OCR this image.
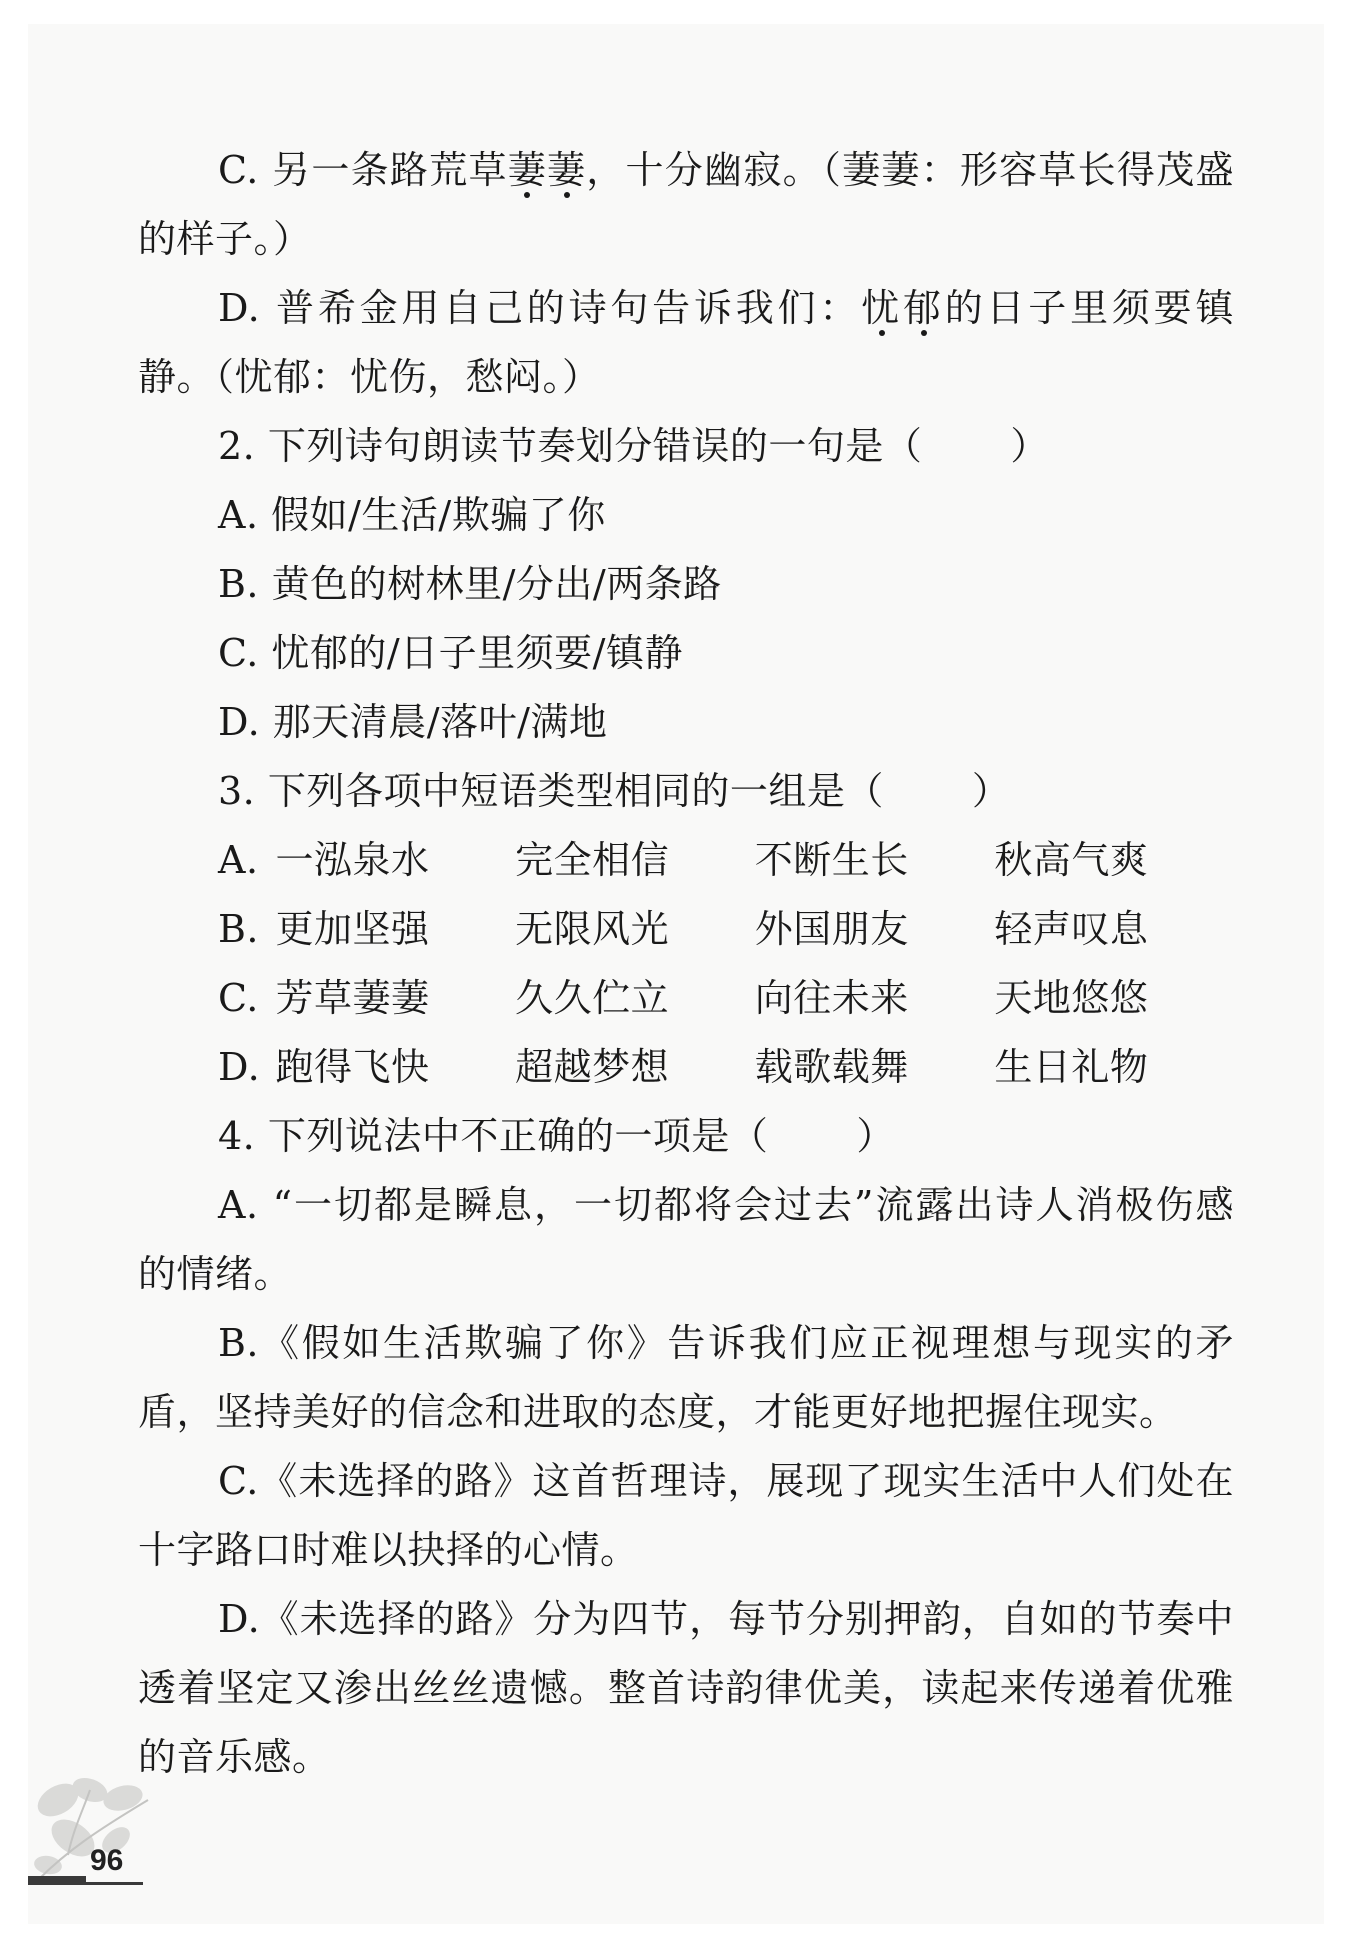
C. 另一条路荒草萋萋，十分幽寂。（萋萋：形容草长得茂盛的样子。）

D. 普希金用自己的诗句告诉我们：忧郁的日子里须要镇静。（忧郁：忧伤，愁闷。）

2. 下列诗句朗读节奏划分错误的一句是（ ）

A. 假如/生活/欺骗了你

B. 黄色的树林里/分出/两条路

C. 忧郁的/日子里须要/镇静

D. 那天清晨/落叶/满地

3. 下列各项中短语类型相同的一组是（ ）

A. 一泓泉水	完全相信	不断生长	秋高气爽
B. 更加坚强	无限风光	外国朋友	轻声叹息
C. 芳草萋萋	久久伫立	向往未来	天地悠悠
D. 跑得飞快	超越梦想	载歌载舞	生日礼物

4. 下列说法中不正确的一项是（ ）

A. “一切都是瞬息，一切都将会过去”流露出诗人消极伤感的情绪。

B.《假如生活欺骗了你》告诉我们应正视理想与现实的矛盾，坚持美好的信念和进取的态度，才能更好地把握住现实。

C.《未选择的路》这首哲理诗，展现了现实生活中人们处在十字路口时难以抉择的心情。

D.《未选择的路》分为四节，每节分别押韵，自如的节奏中透着坚定又渗出丝丝遗憾。整首诗韵律优美，读起来传递着优雅的音乐感。

96
